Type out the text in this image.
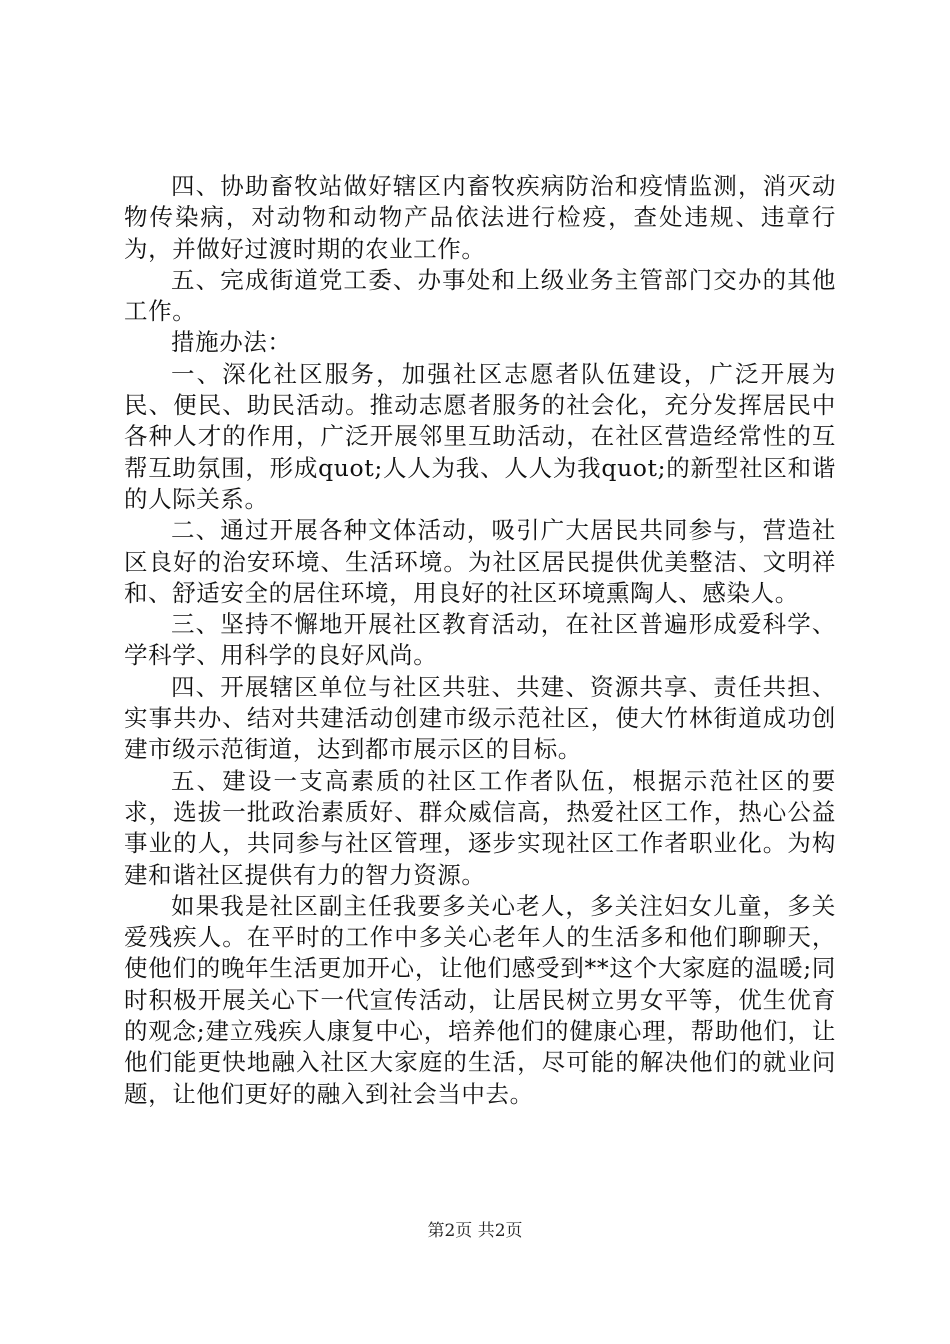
四、协助畜牧站做好辖区内畜牧疾病防治和疫情监测，消灭动物传染病，对动物和动物产品依法进行检疫，查处违规、违章行为，并做好过渡时期的农业工作。

五、完成街道党工委、办事处和上级业务主管部门交办的其他工作。

措施办法：

一、深化社区服务，加强社区志愿者队伍建设，广泛开展为民、便民、助民活动。推动志愿者服务的社会化，充分发挥居民中各种人才的作用，广泛开展邻里互助活动，在社区营造经常性的互帮互助氛围，形成quot;人人为我、人人为我quot;的新型社区和谐的人际关系。

二、通过开展各种文体活动，吸引广大居民共同参与，营造社区良好的治安环境、生活环境。为社区居民提供优美整洁、文明祥和、舒适安全的居住环境，用良好的社区环境熏陶人、感染人。

三、坚持不懈地开展社区教育活动，在社区普遍形成爱科学、学科学、用科学的良好风尚。

四、开展辖区单位与社区共驻、共建、资源共享、责任共担、实事共办、结对共建活动创建市级示范社区，使大竹林街道成功创建市级示范街道，达到都市展示区的目标。

五、建设一支高素质的社区工作者队伍，根据示范社区的要求，选拔一批政治素质好、群众威信高，热爱社区工作，热心公益事业的人，共同参与社区管理，逐步实现社区工作者职业化。为构建和谐社区提供有力的智力资源。

如果我是社区副主任我要多关心老人，多关注妇女儿童，多关爱残疾人。在平时的工作中多关心老年人的生活多和他们聊聊天，使他们的晚年生活更加开心，让他们感受到**这个大家庭的温暖;同时积极开展关心下一代宣传活动，让居民树立男女平等，优生优育的观念;建立残疾人康复中心，培养他们的健康心理，帮助他们，让他们能更快地融入社区大家庭的生活，尽可能的解决他们的就业问题，让他们更好的融入到社会当中去。

第2页 共2页
